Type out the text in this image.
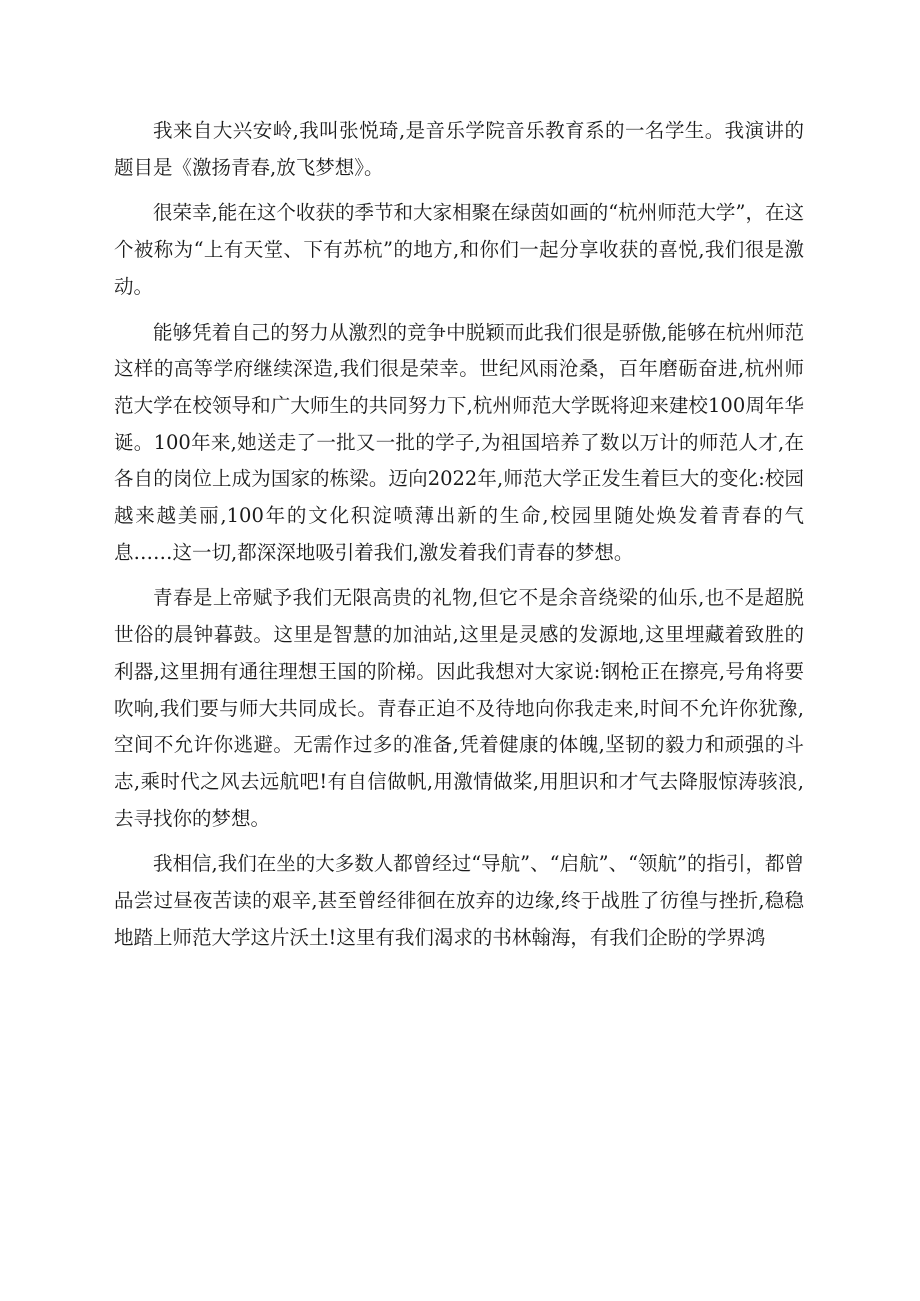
我来自大兴安岭,我叫张悦琦,是音乐学院音乐教育系的一名学生。我演讲的题目是《激扬青春,放飞梦想》。

很荣幸,能在这个收获的季节和大家相聚在绿茵如画的“杭州师范大学”，在这个被称为“上有天堂、下有苏杭”的地方,和你们一起分享收获的喜悦,我们很是激动。

能够凭着自己的努力从激烈的竞争中脱颖而此我们很是骄傲,能够在杭州师范这样的高等学府继续深造,我们很是荣幸。世纪风雨沧桑，百年磨砺奋进,杭州师范大学在校领导和广大师生的共同努力下,杭州师范大学既将迎来建校100周年华诞。100年来,她送走了一批又一批的学子,为祖国培养了数以万计的师范人才,在各自的岗位上成为国家的栋梁。迈向2022年,师范大学正发生着巨大的变化:校园越来越美丽,100年的文化积淀喷薄出新的生命,校园里随处焕发着青春的气息……这一切,都深深地吸引着我们,激发着我们青春的梦想。

青春是上帝赋予我们无限高贵的礼物,但它不是余音绕梁的仙乐,也不是超脱世俗的晨钟暮鼓。这里是智慧的加油站,这里是灵感的发源地,这里埋藏着致胜的利器,这里拥有通往理想王国的阶梯。因此我想对大家说:钢枪正在擦亮,号角将要吹响,我们要与师大共同成长。青春正迫不及待地向你我走来,时间不允许你犹豫,空间不允许你逃避。无需作过多的准备,凭着健康的体魄,坚韧的毅力和顽强的斗志,乘时代之风去远航吧!有自信做帆,用激情做桨,用胆识和才气去降服惊涛骇浪,去寻找你的梦想。

我相信,我们在坐的大多数人都曾经过“导航”、“启航”、“领航”的指引，都曾品尝过昼夜苦读的艰辛,甚至曾经徘徊在放弃的边缘,终于战胜了彷徨与挫折,稳稳地踏上师范大学这片沃土!这里有我们渴求的书林翰海，有我们企盼的学界鸿
